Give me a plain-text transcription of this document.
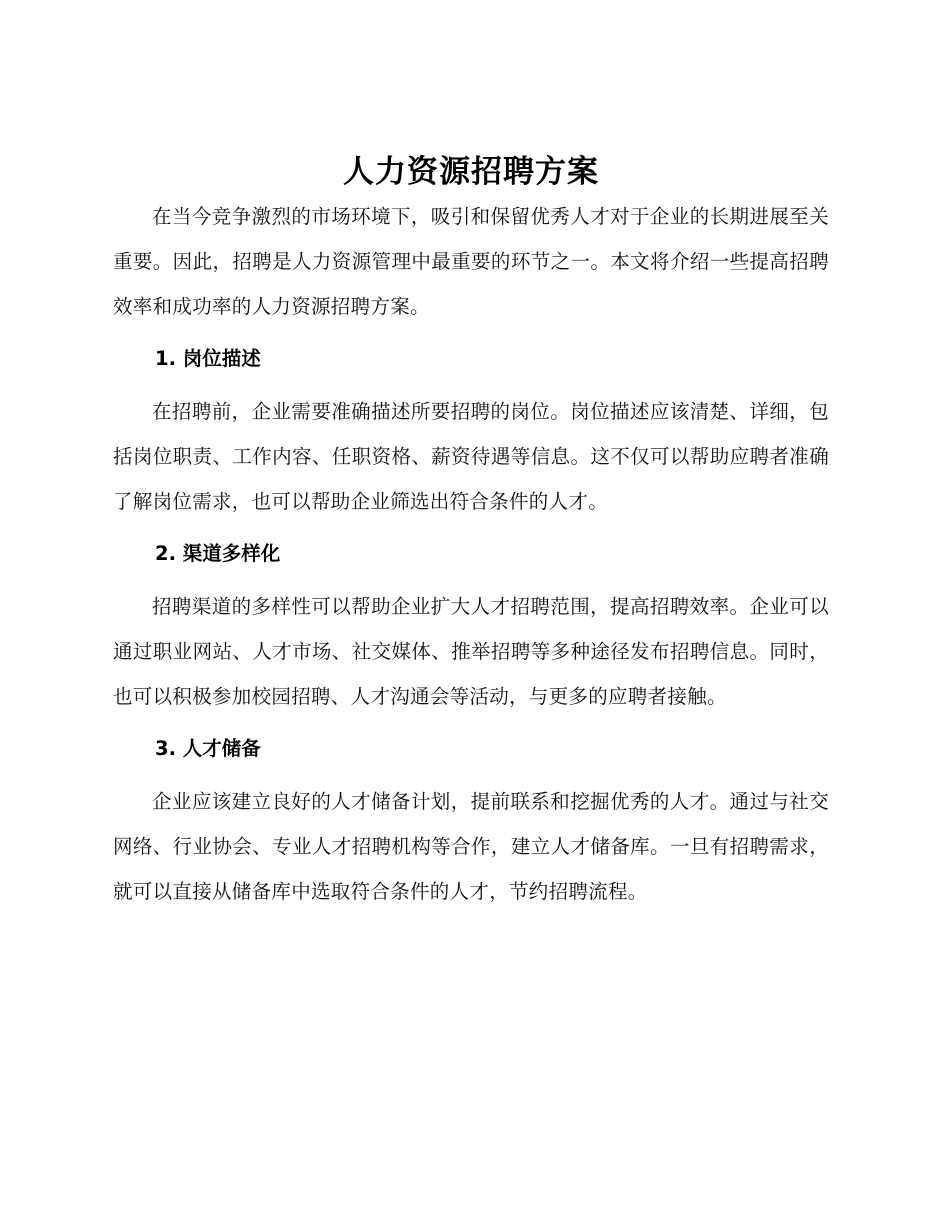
人力资源招聘方案

在当今竞争激烈的市场环境下，吸引和保留优秀人才对于企业的长期进展至关重要。因此，招聘是人力资源管理中最重要的环节之一。本文将介绍一些提高招聘效率和成功率的人力资源招聘方案。

1. 岗位描述

在招聘前，企业需要准确描述所要招聘的岗位。岗位描述应该清楚、详细，包括岗位职责、工作内容、任职资格、薪资待遇等信息。这不仅可以帮助应聘者准确了解岗位需求，也可以帮助企业筛选出符合条件的人才。

2. 渠道多样化

招聘渠道的多样性可以帮助企业扩大人才招聘范围，提高招聘效率。企业可以通过职业网站、人才市场、社交媒体、推举招聘等多种途径发布招聘信息。同时，也可以积极参加校园招聘、人才沟通会等活动，与更多的应聘者接触。

3. 人才储备

企业应该建立良好的人才储备计划，提前联系和挖掘优秀的人才。通过与社交网络、行业协会、专业人才招聘机构等合作，建立人才储备库。一旦有招聘需求，就可以直接从储备库中选取符合条件的人才，节约招聘流程。
